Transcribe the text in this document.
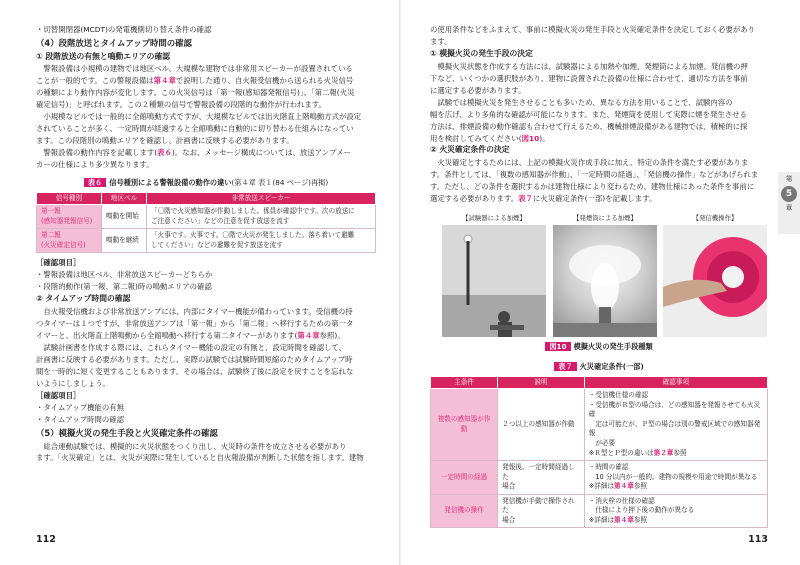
・ 切替開閉器(MCDT)の発電機側切り替え条件の確認

（4）段階放送とタイムアップ時間の確認

① 段階放送の有無と鳴動エリアの確認

警報設備は小規模の建物では地区ベル、大規模な建物では非常用スピーカーが設置されている

ことが一般的です。この警報設備は第４章で説明した通り、自火報受信機から送られる火災信号

の種類により動作内容が変化します。この火災信号は「第一報(感知器発報信号)」、「第二報(火災

確定信号)」と呼ばれます。この２種類の信号で警報設備の段階的な動作が行われます。

小規模なビルでは一般的に全館鳴動方式ですが、大規模なビルでは出火階直上階鳴動方式が設定

されていることが多く、一定時間が経過すると全館鳴動に自動的に切り替わる仕組みになってい

ます。この段階別の鳴動エリアを確認し、計画書に反映する必要があります。

警報設備の動作内容を記載します(表６)。なお、メッセージ構成については、放送アンプメー

カーの仕様により多少異なります。

表６ 信号種別による警報設備の動作の違い(第４章 表１(84 ページ)再掲)
信号種別	地区ベル	非常放送スピーカー
第一報
(感知器発報信号)	鳴動を開始	「〇階で火災感知器が作動しました。係員が確認中です。次の放送に
ご注意ください」などの注意を促す放送を流す
第二報
(火災確定信号)	鳴動を継続	「火事です。火事です。〇階で火災が発生しました。落ち着いて避難
してください」などの避難を促す放送を流す

［確認項目］

・ 警報設備は地区ベル、非常放送スピーカーどちらか

・ 段階的動作(第一報、第二報)時の鳴動エリアの確認

② タイムアップ時間の確認

自火報受信機および非常放送アンプには、内部にタイマー機能が備わっています。受信機の持

つタイマーは１つですが、非常放送アンプは「第一報」から「第二報」へ移行するための第一タ

イマーと、出火階直上階鳴動から全館鳴動へ移行する第二タイマーがあります(第４章参照)。

試験計画書を作成する際には、これらタイマー機能の設定の有無と、設定時間を確認して、

計画書に反映する必要があります。ただし、実際の試験では試験時間短縮のためタイムアップ時

間を一時的に短く変更することもあります。その場合は、試験終了後に設定を戻すことを忘れな

いようにしましょう。

［確認項目］

・ タイムアップ機能の有無

・ タイムアップ時間の確認

（5）模擬火災の発生手段と火災確定条件の確認

総合連動試験では、模擬的に火災状態をつくり出し、火災時の条件を成立させる必要があり

ます。「火災確定」とは、火災が実際に発生していると自火報設備が判断した状態を指します。建物

112

の使用条件などをふまえて、事前に模擬火災の発生手段と火災確定条件を決定しておく必要があり

ます。

① 模擬火災の発生手段の決定

模擬火災状態を作成する方法には、試験器による加熱や加煙、発煙筒による加煙、発信機の押

下など、いくつかの選択肢があり、建物に設置された設備の仕様に合わせて、適切な方法を事前

に選定する必要があります。

試験では模擬火災を発生させることも多いため、異なる方法を用いることで、試験内容の

幅を広げ、より多角的な確認が可能になります。また、発煙筒を使用して実際に煙を発生させる

方法は、排煙設備の動作確認も合わせて行えるため、機械排煙設備がある建物では、積極的に採

用を検討してみてください(図10)。

② 火災確定条件の決定

火災確定とするためには、上記の模擬火災作成手段に加え、特定の条件を満たす必要がありま

す。条件としては、「複数の感知器が作動」、「一定時間の経過」、「発信機の操作」などがあげられま

す。ただし、どの条件を選択するかは建物仕様により変わるため、建物仕様にあった条件を事前に

選定する必要があります。表７に火災確定条件(一部)を記載します。

【試験器による加煙】	【発煙筒による加煙】	【発信機操作】
図10 模擬火災の発生手段種類
表７ 火災確定条件(一部)
主条件	説明	確認事項
複数の感知器が作動	２つ以上の感知器が作動	・受信機仕様の確認
・受信機がＲ型の場合は、どの感知器を発報させても火災確
　定は可能だが、Ｐ型の場合は別の警戒区域での感知器発報
　が必要
※Ｒ型とＰ型の違いは第２章参照
一定時間の経過	発報後、一定時間経過した
場合	・時間の確認
　10 分以内が一般的。建物の規模や用途で時間が異なる
※詳細は第４章参照
発信機の操作	発信機が手動で操作された
場合	・消火栓の仕様の確認
　仕様により押下後の動作が異なる
※詳細は第４章参照
113
第
5
章
